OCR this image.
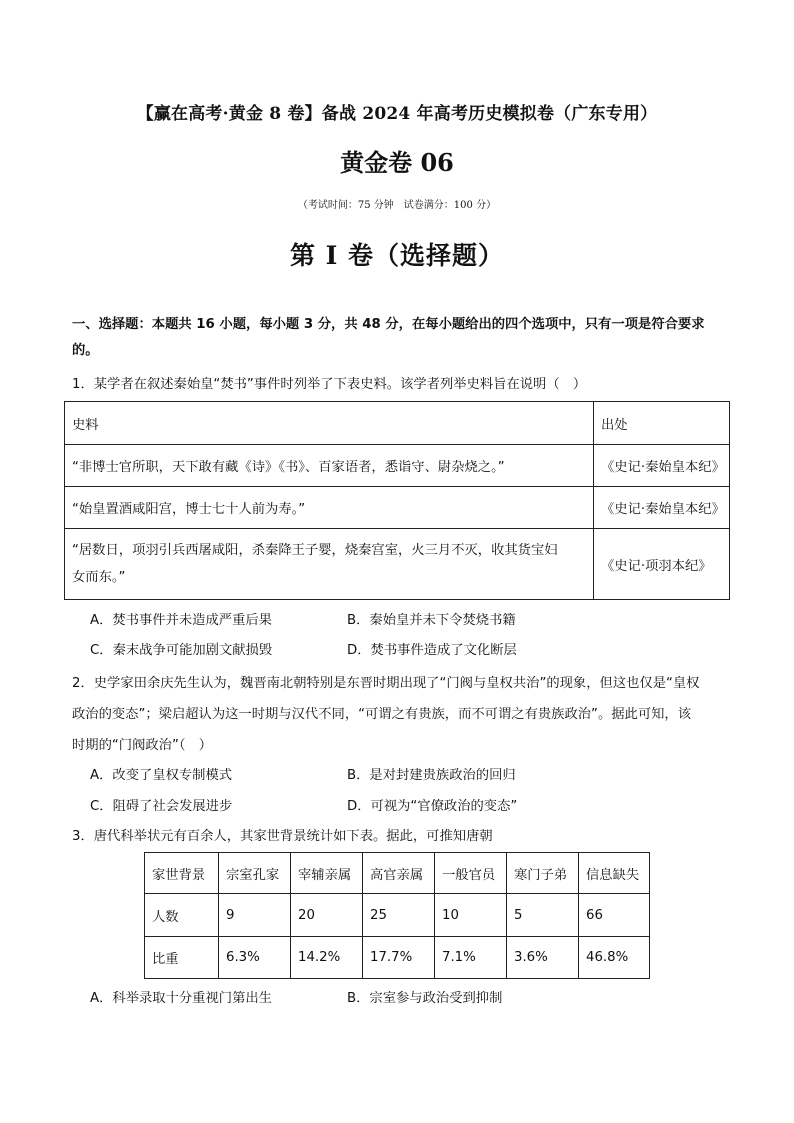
【赢在高考·黄金 8 卷】备战 2024 年高考历史模拟卷（广东专用）
黄金卷 06
（考试时间：75 分钟　试卷满分：100 分）
第 I 卷（选择题）
一、选择题：本题共 16 小题，每小题 3 分，共 48 分，在每小题给出的四个选项中，只有一项是符合要求
的。
1．某学者在叙述秦始皇“焚书”事件时列举了下表史料。该学者列举史料旨在说明（　）
史料	出处
“非博士官所职，天下敢有藏《诗》《书》、百家语者，悉诣守、尉杂烧之。”	《史记·秦始皇本纪》
“始皇置酒咸阳宫，博士七十人前为寿。”	《史记·秦始皇本纪》

“居数日，项羽引兵西屠咸阳，杀秦降王子婴，烧秦宫室，火三月不灭，收其货宝妇
女而东。”	《史记·项羽本纪》
A．焚书事件并未造成严重后果	B．秦始皇并未下令焚烧书籍
C．秦末战争可能加剧文献损毁	D．焚书事件造成了文化断层
2．史学家田余庆先生认为，魏晋南北朝特别是东晋时期出现了“门阀与皇权共治”的现象，但这也仅是“皇权
政治的变态”；梁启超认为这一时期与汉代不同，“可谓之有贵族，而不可谓之有贵族政治”。据此可知，该
时期的“门阀政治”（　）
A．改变了皇权专制模式	B．是对封建贵族政治的回归
C．阻碍了社会发展进步	D．可视为“官僚政治的变态”
3．唐代科举状元有百余人，其家世背景统计如下表。据此，可推知唐朝
家世背景	宗室孔家	宰辅亲属	高官亲属	一般官员	寒门子弟	信息缺失
人数	9	20	25	10	5	66
比重	6.3%	14.2%	17.7%	7.1%	3.6%	46.8%
A．科举录取十分重视门第出生	B．宗室参与政治受到抑制
